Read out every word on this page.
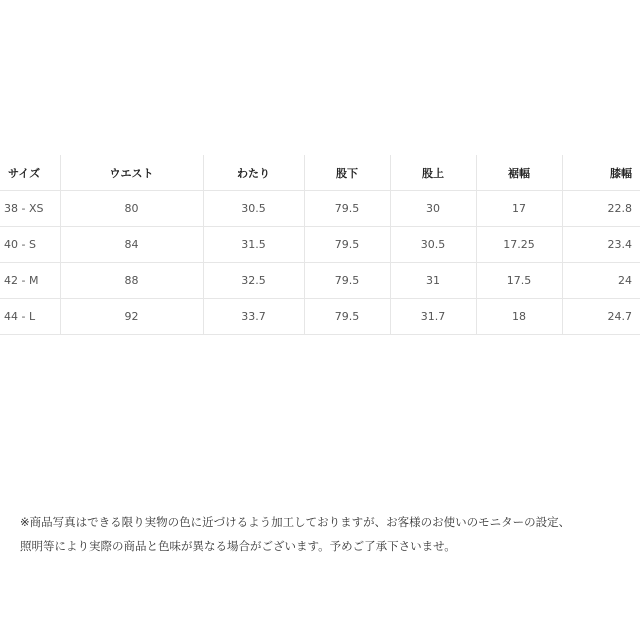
サイズ	ウエスト	わたり	股下	股上	裾幅	膝幅
38 - XS	80	30.5	79.5	30	17	22.8
40 - S	84	31.5	79.5	30.5	17.25	23.4
42 - M	88	32.5	79.5	31	17.5	24
44 - L	92	33.7	79.5	31.7	18	24.7

※商品写真はできる限り実物の色に近づけるよう加工しておりますが、お客様のお使いのモニターの設定、

照明等により実際の商品と色味が異なる場合がございます。予めご了承下さいませ。
